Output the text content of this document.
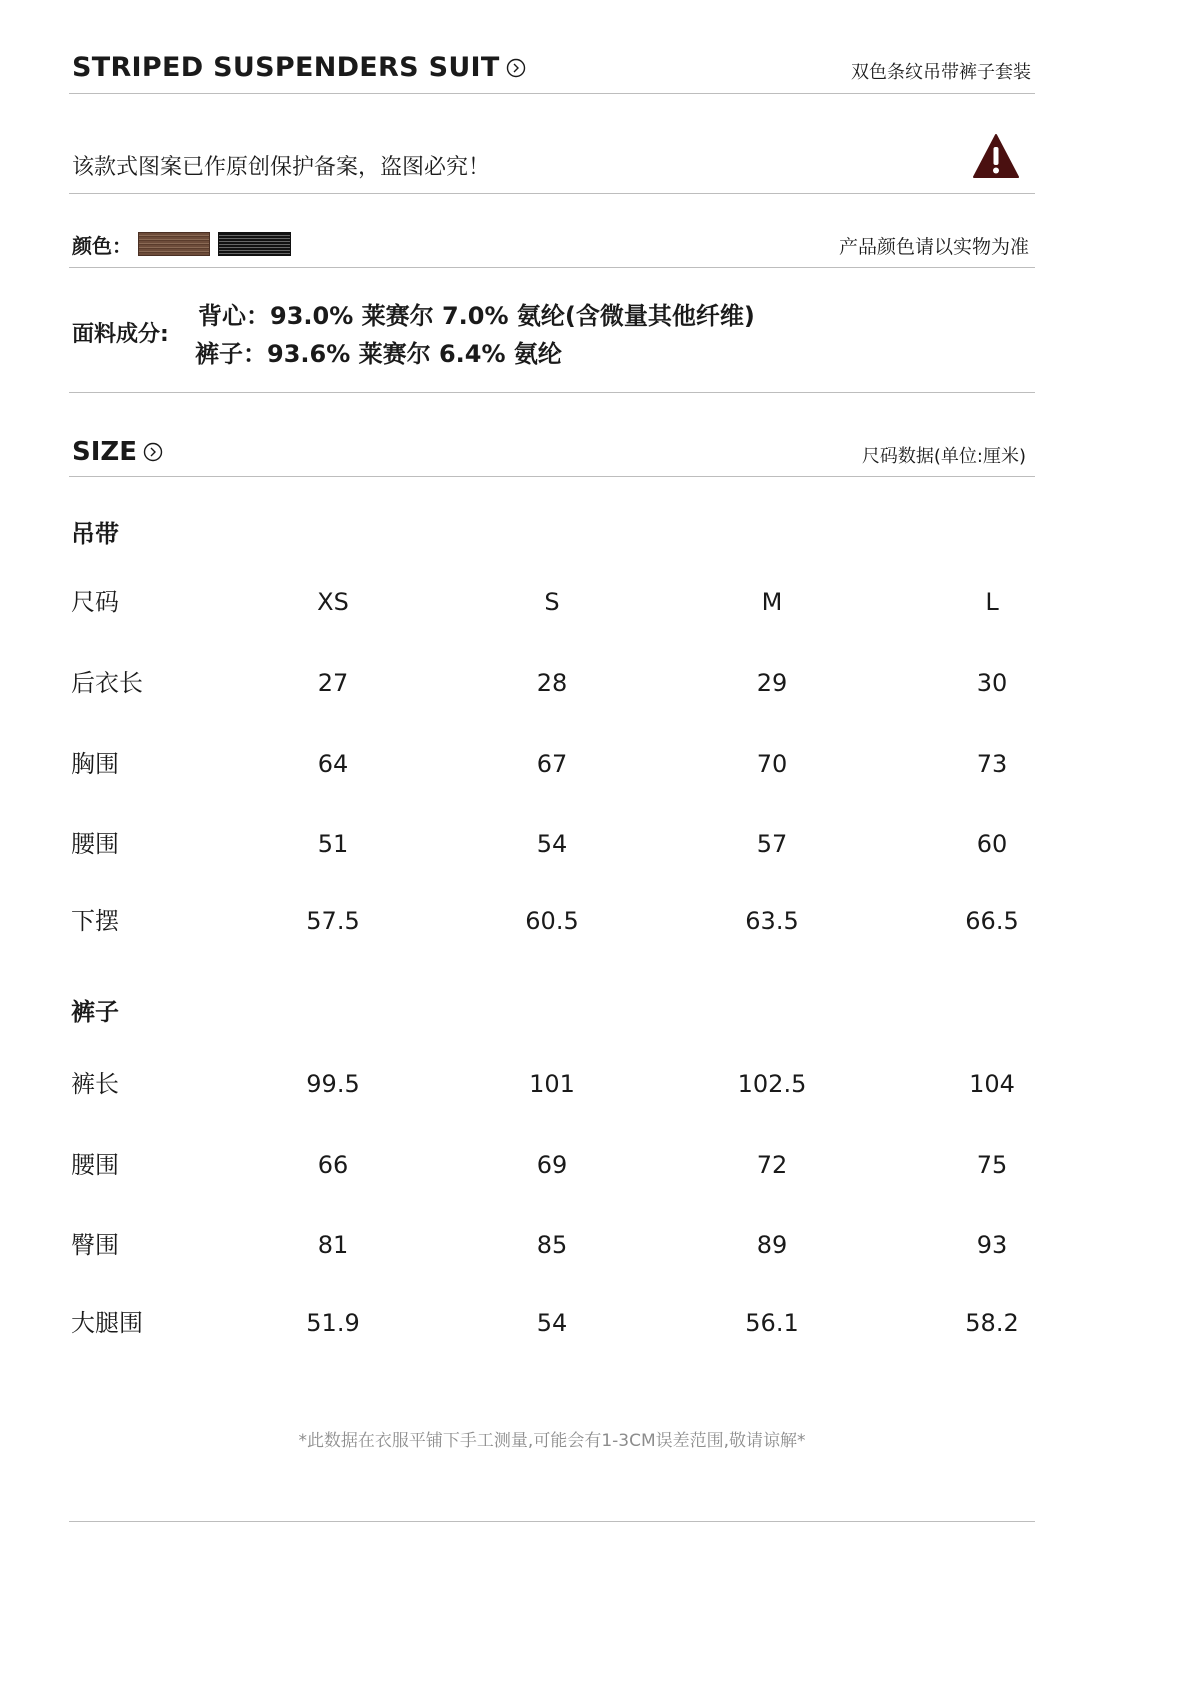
STRIPED SUSPENDERS SUIT	双色条纹吊带裤子套装
该款式图案已作原创保护备案，盗图必究！
颜色：	产品颜色请以实物为准
面料成分:
背心：93.0% 莱赛尔 7.0% 氨纶(含微量其他纤维)
裤子：93.6% 莱赛尔 6.4% 氨纶
SIZE	尺码数据(单位:厘米)
吊带
尺码	XS	S	M	L
后衣长	27	28	29	30
胸围	64	67	70	73
腰围	51	54	57	60
下摆	57.5	60.5	63.5	66.5
裤子
裤长	99.5	101	102.5	104
腰围	66	69	72	75
臀围	81	85	89	93
大腿围	51.9	54	56.1	58.2
*此数据在衣服平铺下手工测量,可能会有1-3CM误差范围,敬请谅解*
